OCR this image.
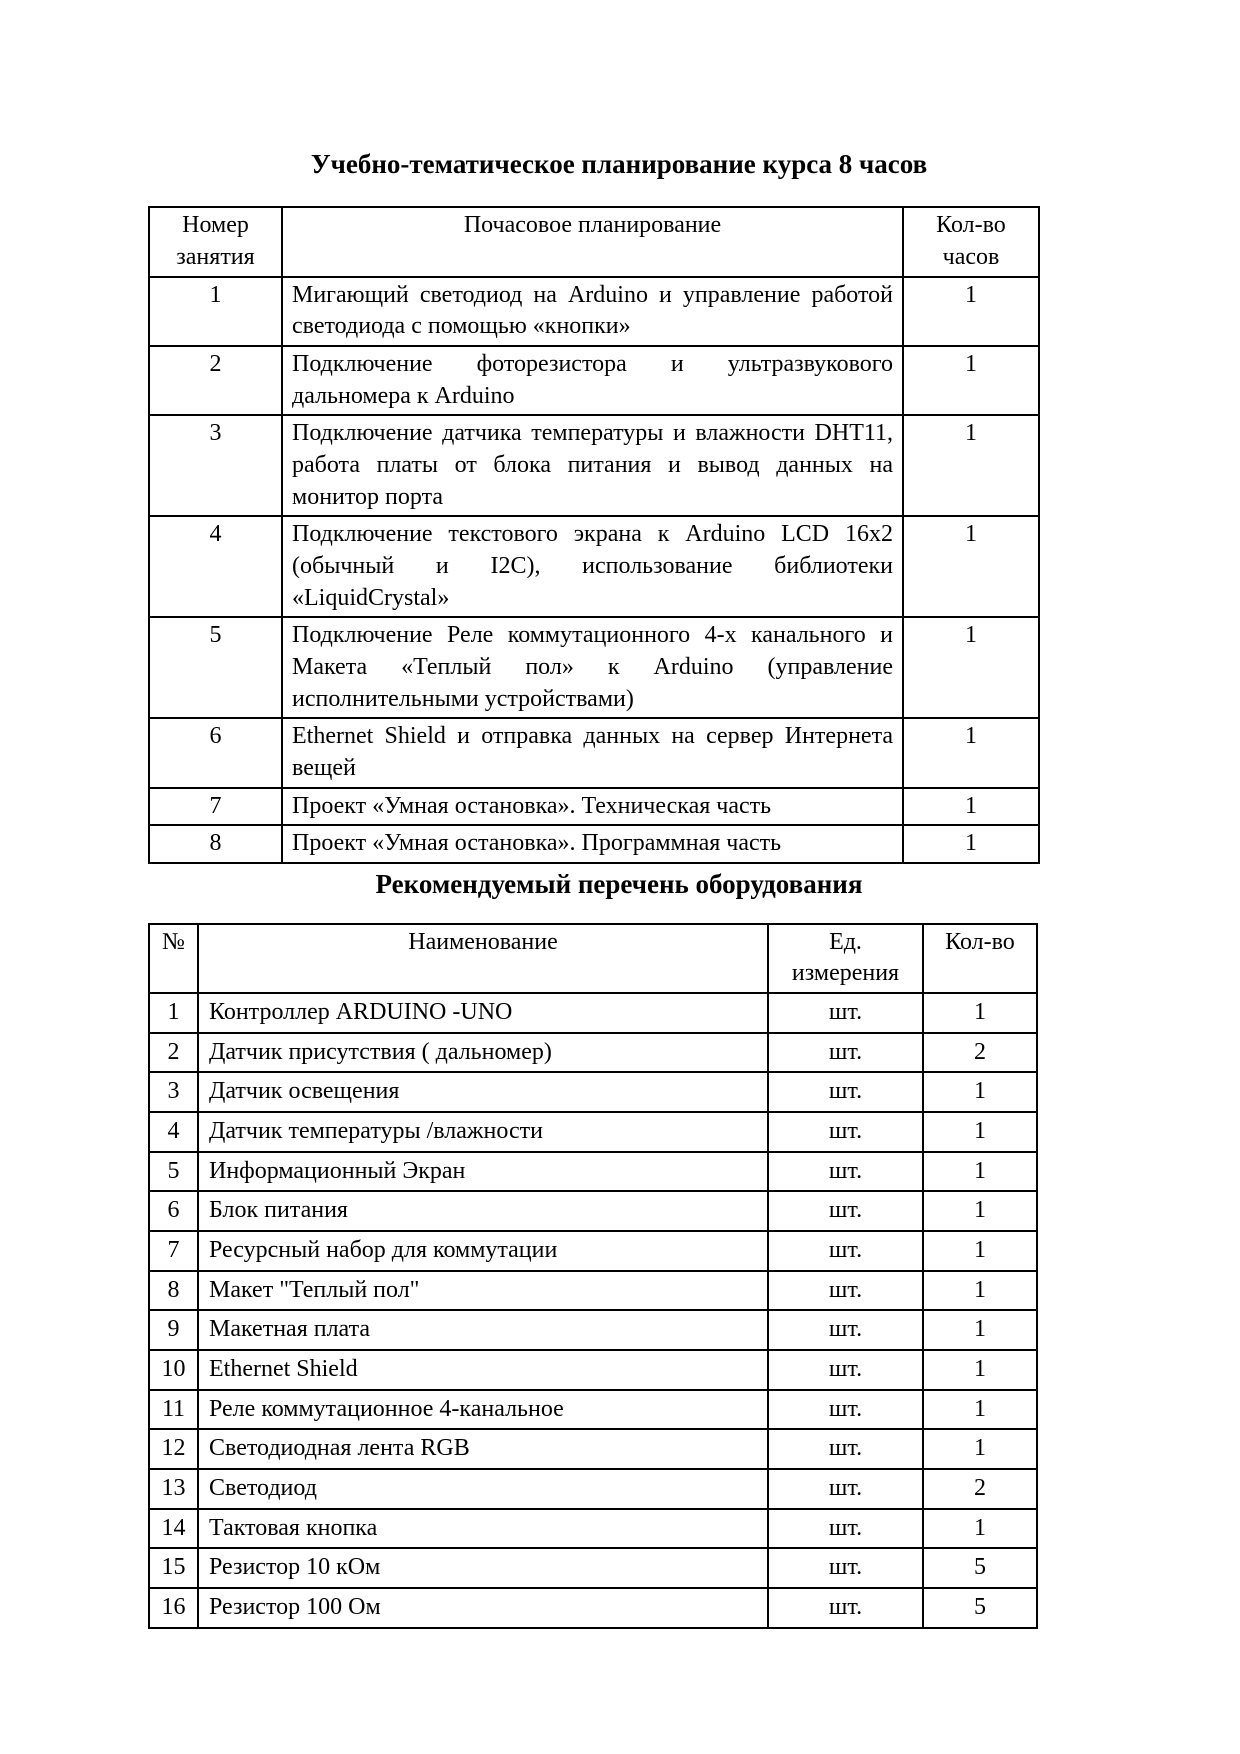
Учебно-тематическое планирование курса 8 часов
Номер занятия	Почасовое планирование	Кол-во часов
1	Мигающий светодиод на Arduino и управление работой светодиода с помощью «кнопки»	1
2	Подключение фоторезистора и ультразвукового дальномера к Arduino	1
3	Подключение датчика температуры и влажности DHT11, работа платы от блока питания и вывод данных на монитор порта	1
4	Подключение текстового экрана к Arduino LCD 16x2 (обычный и I2C), использование библиотеки «LiquidCrystal»	1
5	Подключение Реле коммутационного 4-х канального и Макета «Теплый пол» к Arduino (управление исполнительными устройствами)	1
6	Ethernet Shield и отправка данных на сервер Интернета вещей	1
7	Проект «Умная остановка». Техническая часть	1
8	Проект «Умная остановка». Программная часть	1
Рекомендуемый перечень оборудования
№	Наименование	Ед. измерения	Кол-во
1	Контроллер ARDUINO -UNO	шт.	1
2	Датчик присутствия ( дальномер)	шт.	2
3	Датчик освещения	шт.	1
4	Датчик температуры /влажности	шт.	1
5	Информационный Экран	шт.	1
6	Блок питания	шт.	1
7	Ресурсный набор для коммутации	шт.	1
8	Макет "Теплый пол"	шт.	1
9	Макетная плата	шт.	1
10	Ethernet Shield	шт.	1
11	Реле коммутационное 4-канальное	шт.	1
12	Светодиодная лента RGB	шт.	1
13	Светодиод	шт.	2
14	Тактовая кнопка	шт.	1
15	Резистор 10 кОм	шт.	5
16	Резистор 100 Ом	шт.	5
